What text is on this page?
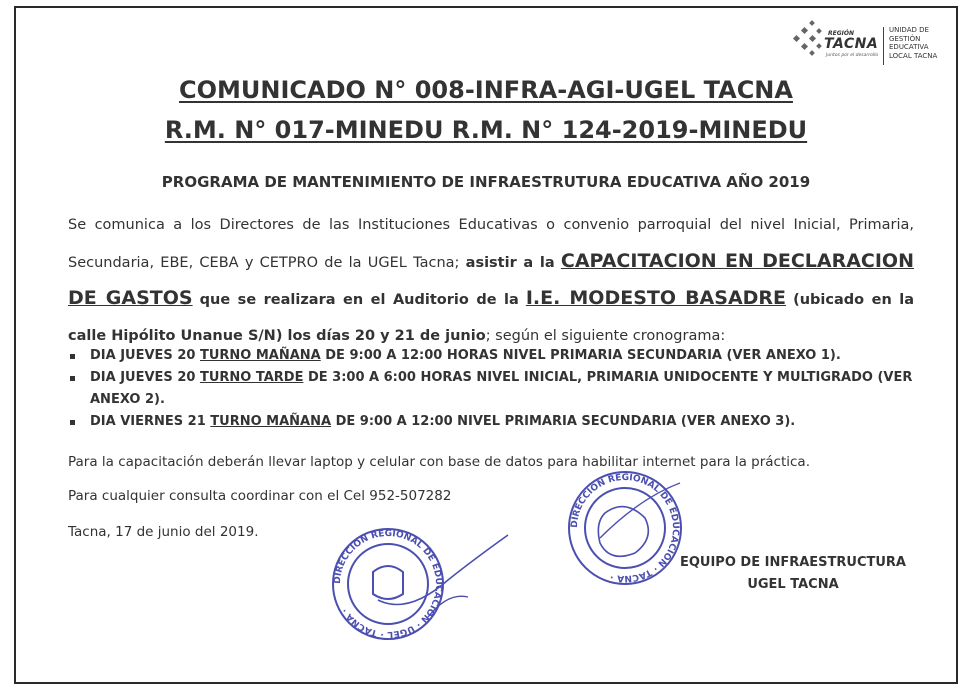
REGIÓN
TACNA
Juntos por el desarrollo
UNIDAD DE
GESTIÓN
EDUCATIVA
LOCAL TACNA
COMUNICADO N° 008-INFRA-AGI-UGEL TACNA
R.M. N° 017-MINEDU R.M. N° 124-2019-MINEDU
PROGRAMA DE MANTENIMIENTO DE INFRAESTRUTURA EDUCATIVA AÑO 2019
Se comunica a los Directores de las Instituciones Educativas o convenio parroquial del nivel Inicial, Primaria, Secundaria, EBE, CEBA y CETPRO de la UGEL Tacna; asistir a la CAPACITACION EN DECLARACION DE GASTOS que se realizara en el Auditorio de la I.E. MODESTO BASADRE (ubicado en la calle Hipólito Unanue S/N) los días 20 y 21 de junio; según el siguiente cronograma:
DIA JUEVES 20 TURNO MAÑANA DE 9:00 A 12:00 HORAS NIVEL PRIMARIA SECUNDARIA (VER ANEXO 1).
DIA JUEVES 20 TURNO TARDE DE 3:00 A 6:00 HORAS NIVEL INICIAL, PRIMARIA UNIDOCENTE Y MULTIGRADO (VER ANEXO 2).
DIA VIERNES 21 TURNO MAÑANA DE 9:00 A 12:00 NIVEL PRIMARIA SECUNDARIA (VER ANEXO 3).
Para la capacitación deberán llevar laptop y celular con base de datos para habilitar internet para la práctica.
Para cualquier consulta coordinar con el Cel 952-507282
Tacna, 17 de junio del 2019.
DIRECCION REGIONAL DE EDUCACION · UGEL · TACNA ·
DIRECCION REGIONAL DE EDUCACION · TACNA ·
EQUIPO DE INFRAESTRUCTURA
UGEL TACNA
